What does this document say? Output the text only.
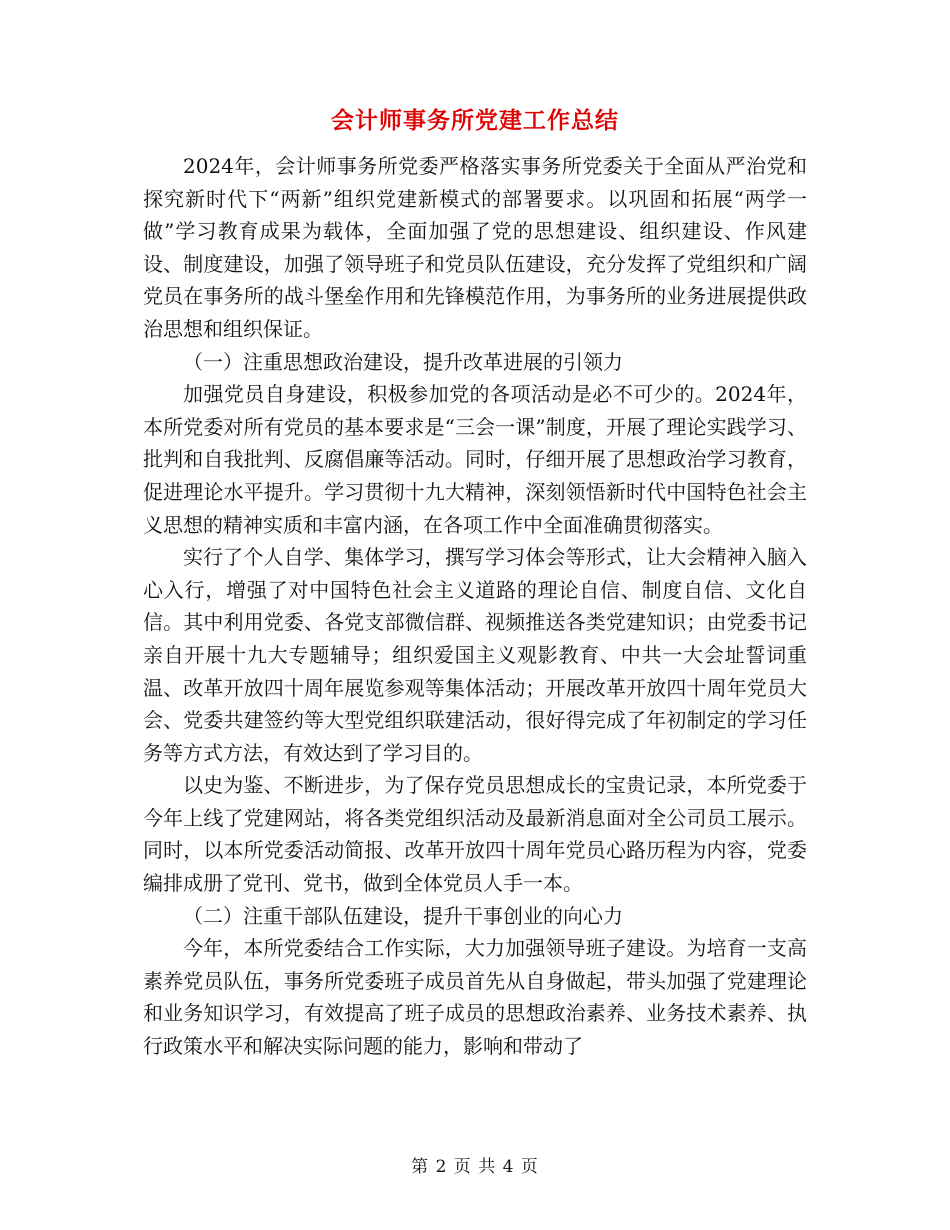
会计师事务所党建工作总结

2024年，会计师事务所党委严格落实事务所党委关于全面从严治党和探究新时代下“两新”组织党建新模式的部署要求。以巩固和拓展“两学一做”学习教育成果为载体，全面加强了党的思想建设、组织建设、作风建设、制度建设，加强了领导班子和党员队伍建设，充分发挥了党组织和广阔党员在事务所的战斗堡垒作用和先锋模范作用，为事务所的业务进展提供政治思想和组织保证。

（一）注重思想政治建设，提升改革进展的引领力

加强党员自身建设，积极参加党的各项活动是必不可少的。2024年，本所党委对所有党员的基本要求是“三会一课”制度，开展了理论实践学习、批判和自我批判、反腐倡廉等活动。同时，仔细开展了思想政治学习教育，促进理论水平提升。学习贯彻十九大精神，深刻领悟新时代中国特色社会主义思想的精神实质和丰富内涵，在各项工作中全面准确贯彻落实。

实行了个人自学、集体学习，撰写学习体会等形式，让大会精神入脑入心入行，增强了对中国特色社会主义道路的理论自信、制度自信、文化自信。其中利用党委、各党支部微信群、视频推送各类党建知识；由党委书记亲自开展十九大专题辅导；组织爱国主义观影教育、中共一大会址誓词重温、改革开放四十周年展览参观等集体活动；开展改革开放四十周年党员大会、党委共建签约等大型党组织联建活动，很好得完成了年初制定的学习任务等方式方法，有效达到了学习目的。

以史为鉴、不断进步，为了保存党员思想成长的宝贵记录，本所党委于今年上线了党建网站，将各类党组织活动及最新消息面对全公司员工展示。同时，以本所党委活动简报、改革开放四十周年党员心路历程为内容，党委编排成册了党刊、党书，做到全体党员人手一本。

（二）注重干部队伍建设，提升干事创业的向心力

今年，本所党委结合工作实际，大力加强领导班子建设。为培育一支高素养党员队伍，事务所党委班子成员首先从自身做起，带头加强了党建理论和业务知识学习，有效提高了班子成员的思想政治素养、业务技术素养、执行政策水平和解决实际问题的能力，影响和带动了

第 2 页 共 4 页
